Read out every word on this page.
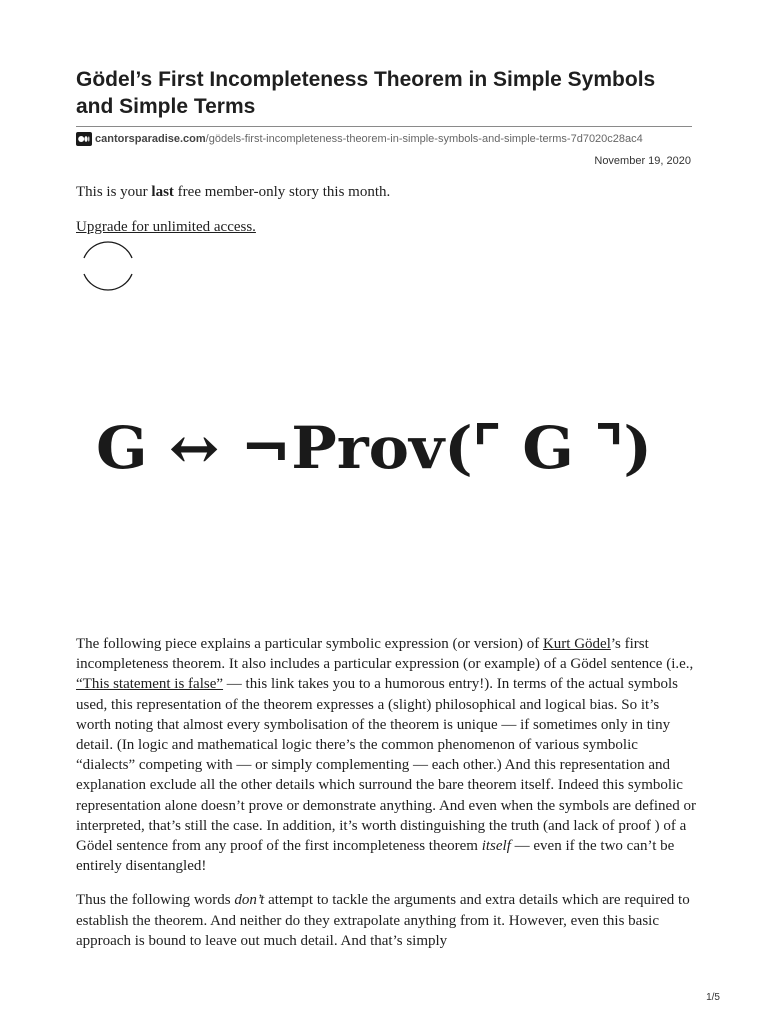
Gödel’s First Incompleteness Theorem in Simple Symbols and Simple Terms
cantorsparadise.com /gödels-first-incompleteness-theorem-in-simple-symbols-and-simple-terms-7d7020c28ac4
November 19, 2020
This is your last free member-only story this month.
Upgrade for unlimited access.
G ↔ ¬Prov(⌜ G ⌝)

The following piece explains a particular symbolic expression (or version) of Kurt Gödel’s first incompleteness theorem. It also includes a particular expression (or example) of a Gödel sentence (i.e., “This statement is false” — this link takes you to a humorous entry!). In terms of the actual symbols used, this representation of the theorem expresses a (slight) philosophical and logical bias. So it’s worth noting that almost every symbolisation of the theorem is unique — if sometimes only in tiny detail. (In logic and mathematical logic there’s the common phenomenon of various symbolic “dialects” competing with — or simply complementing — each other.) And this representation and explanation exclude all the other details which surround the bare theorem itself. Indeed this symbolic representation alone doesn’t prove or demonstrate anything. And even when the symbols are defined or interpreted, that’s still the case. In addition, it’s worth distinguishing the truth (and lack of proof ) of a Gödel sentence from any proof of the first incompleteness theorem itself — even if the two can’t be entirely disentangled!

Thus the following words don’t attempt to tackle the arguments and extra details which are required to establish the theorem. And neither do they extrapolate anything from it. However, even this basic approach is bound to leave out much detail. And that’s simply

1/5
